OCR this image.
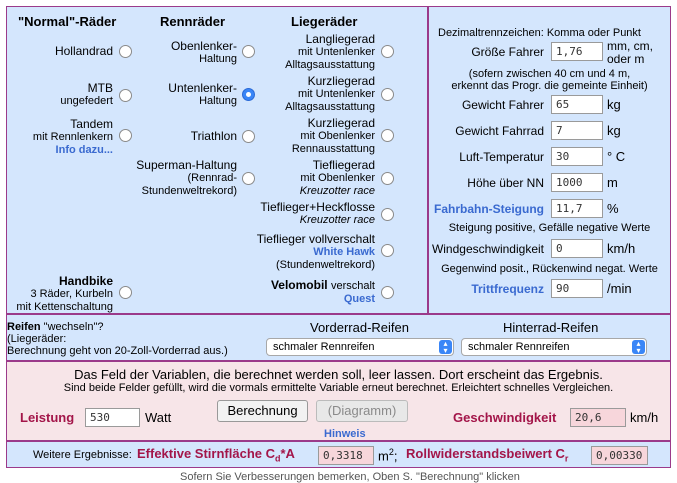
"Normal"-Räder	Rennräder	Liegeräder
Hollandrad
MTB
ungefedert
Tandem
mit Rennlenkern
Info dazu...
Handbike
3 Räder, Kurbeln
mit Kettenschaltung
Obenlenker-
Haltung
Untenlenker-
Haltung
Triathlon
Superman-Haltung
(Rennrad-
Stundenweltrekord)
Langliegerad
mit Untenlenker
Alltagsausstattung
Kurzliegerad
mit Untenlenker
Alltagsausstattung
Kurzliegerad
mit Obenlenker
Rennausstattung
Tiefliegerad
mit Obenlenker
Kreuzotter race
Tieflieger+Heckflosse
Kreuzotter race
Tieflieger vollverschalt
White Hawk
(Stundenweltrekord)
Velomobil verschalt
Quest
Dezimaltrennzeichen: Komma oder Punkt
Größe Fahrer
1,76	mm, cm,
oder m
(sofern zwischen 40 cm und 4 m,
erkennt das Progr. die gemeinte Einheit)
Gewicht Fahrer
65	kg
Gewicht Fahrrad
7	kg
Luft-Temperatur
30	° C
Höhe über NN
1000	m
Fahrbahn-Steigung
11,7	%
Steigung positive, Gefälle negative Werte
Windgeschwindigkeit
0	km/h
Gegenwind posit., Rückenwind negat. Werte
Trittfrequenz
90	/min
Reifen "wechseln"?
(Liegeräder:
Berechnung geht von 20-Zoll-Vorderrad aus.)
Vorderrad-Reifen	Hinterrad-Reifen
schmaler Rennreifen	▴
▾	schmaler Rennreifen	▴
▾
Das Feld der Variablen, die berechnet werden soll, leer lassen. Dort erscheint das Ergebnis.
Sind beide Felder gefüllt, wird die vormals ermittelte Variable erneut berechnet. Erleichtert schnelles Vergleichen.
Leistung
530	Watt	Berechnung	(Diagramm)
Hinweis
Geschwindigkeit
20,6	km/h
Weitere Ergebnisse: Effektive Stirnfläche $C_d*A$
0,3318	$m^2$; Rollwiderstandsbeiwert $C_r$
0,00330
Sofern Sie Verbesserungen bemerken, Oben S. "Berechnung" klicken
